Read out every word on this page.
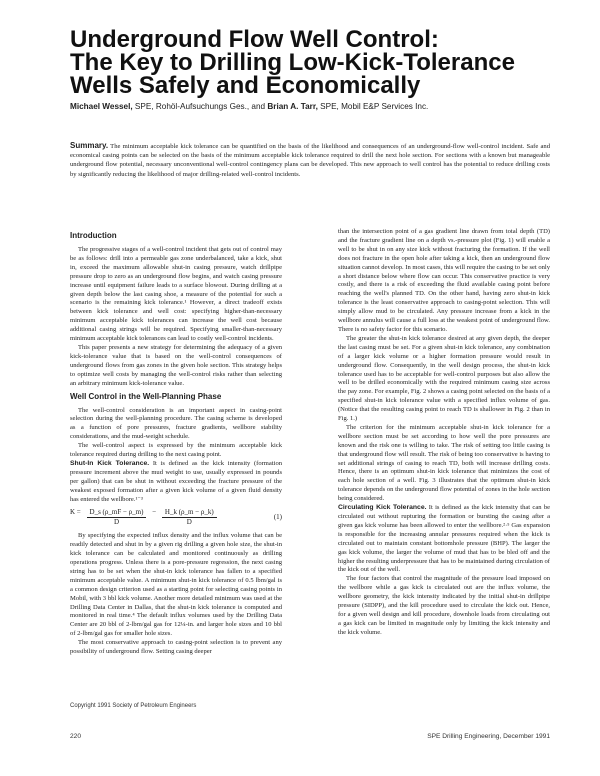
Underground Flow Well Control:
The Key to Drilling Low-Kick-Tolerance
Wells Safely and Economically
Michael Wessel, SPE, Rohöl-Aufsuchungs Ges., and Brian A. Tarr, SPE, Mobil E&P Services Inc.
Summary. The minimum acceptable kick tolerance can be quantified on the basis of the likelihood and consequences of an underground-flow well-control incident. Safe and economical casing points can be selected on the basis of the minimum acceptable kick tolerance required to drill the next hole section. For sections with a known but manageable underground flow potential, necessary unconventional well-control contingency plans can be developed. This new approach to well control has the potential to reduce drilling costs by significantly reducing the likelihood of major drilling-related well-control incidents.
Introduction

The progressive stages of a well-control incident that gets out of control may be as follows: drill into a permeable gas zone underbalanced, take a kick, shut in, exceed the maximum allowable shut-in casing pressure, watch drillpipe pressure drop to zero as an underground flow begins, and watch casing pressure increase until equipment failure leads to a surface blowout. During drilling at a given depth below the last casing shoe, a measure of the potential for such a scenario is the remaining kick tolerance.¹ However, a direct tradeoff exists between kick tolerance and well cost: specifying higher-than-necessary minimum acceptable kick tolerances can increase the well cost because additional casing strings will be required. Specifying smaller-than-necessary minimum acceptable kick tolerances can lead to costly well-control incidents.

This paper presents a new strategy for determining the adequacy of a given kick-tolerance value that is based on the well-control consequences of underground flows from gas zones in the given hole section. This strategy helps to optimize well costs by managing the well-control risks rather than selecting an arbitrary minimum kick-tolerance value.

Well Control in the Well-Planning Phase

The well-control consideration is an important aspect in casing-point selection during the well-planning procedure. The casing scheme is developed as a function of pore pressures, fracture gradients, wellbore stability considerations, and the mud-weight schedule.

The well-control aspect is expressed by the minimum acceptable kick tolerance required during drilling to the next casing point.

Shut-In Kick Tolerance. It is defined as the kick intensity (formation pressure increment above the mud weight to use, usually expressed in pounds per gallon) that can be shut in without exceeding the fracture pressure of the weakest exposed formation after a given kick volume of a given fluid density has entered the wellbore.¹⁻³

$K = \frac{D\_s (\rho\_mF - \rho\_m)}{D} - \frac{H\_k (\rho\_m - \rho\_k)}{D}$	(1)

By specifying the expected influx density and the influx volume that can be readily detected and shut in by a given rig drilling a given hole size, the shut-in kick tolerance can be calculated and monitored continuously as drilling operations progress. Unless there is a pore-pressure regression, the next casing string has to be set when the shut-in kick tolerance has fallen to a specified minimum acceptable value. A minimum shut-in kick tolerance of 0.5 lbm/gal is a common design criterion used as a starting point for selecting casing points in Mobil, with 3 bbl kick volume. Another more detailed minimum was used at the Drilling Data Center in Dallas, that the shut-in kick tolerance is computed and monitored in real time.⁴ The default influx volumes used by the Drilling Data Center are 20 bbl of 2-lbm/gal gas for 12¼-in. and larger hole sizes and 10 bbl of 2-lbm/gal gas for smaller hole sizes.

The most conservative approach to casing-point selection is to prevent any possibility of underground flow. Setting casing deeper

than the intersection point of a gas gradient line drawn from total depth (TD) and the fracture gradient line on a depth vs.-pressure plot (Fig. 1) will enable a well to be shut in on any size kick without fracturing the formation. If the well does not fracture in the open hole after taking a kick, then an underground flow situation cannot develop. In most cases, this will require the casing to be set only a short distance below where flow can occur. This conservative practice is very costly, and there is a risk of exceeding the fluid available casing point before reaching the well's planned TD. On the other hand, having zero shut-in kick tolerance is the least conservative approach to casing-point selection. This will simply allow mud to be circulated. Any pressure increase from a kick in the wellbore annulus will cause a full loss at the weakest point of underground flow. There is no safety factor for this scenario.

The greater the shut-in kick tolerance desired at any given depth, the deeper the last casing must be set. For a given shut-in kick tolerance, any combination of a larger kick volume or a higher formation pressure would result in underground flow. Consequently, in the well design process, the shut-in kick tolerance used has to be acceptable for well-control purposes but also allow the well to be drilled economically with the required minimum casing size across the pay zone. For example, Fig. 2 shows a casing point selected on the basis of a specified shut-in kick tolerance value with a specified influx volume of gas. (Notice that the resulting casing point to reach TD is shallower in Fig. 2 than in Fig. 1.)

The criterion for the minimum acceptable shut-in kick tolerance for a wellbore section must be set according to how well the pore pressures are known and the risk one is willing to take. The risk of setting too little casing is that underground flow will result. The risk of being too conservative is having to set additional strings of casing to reach TD, both will increase drilling costs. Hence, there is an optimum shut-in kick tolerance that minimizes the cost of each hole section of a well. Fig. 3 illustrates that the optimum shut-in kick tolerance depends on the underground flow potential of zones in the hole section being considered.

Circulating Kick Tolerance. It is defined as the kick intensity that can be circulated out without rupturing the formation or bursting the casing after a given gas kick volume has been allowed to enter the wellbore.²·⁵ Gas expansion is responsible for the increasing annular pressures required when the kick is circulated out to maintain constant bottomhole pressure (BHP). The larger the gas kick volume, the larger the volume of mud that has to be bled off and the higher the resulting underpressure that has to be maintained during circulation of the kick out of the well.

The four factors that control the magnitude of the pressure load imposed on the wellbore while a gas kick is circulated out are the influx volume, the wellbore geometry, the kick intensity indicated by the initial shut-in drillpipe pressure (SIDPP), and the kill procedure used to circulate the kick out. Hence, for a given well design and kill procedure, downhole loads from circulating out a gas kick can be limited in magnitude only by limiting the kick intensity and the kick volume.

Copyright 1991 Society of Petroleum Engineers
220	SPE Drilling Engineering, December 1991
